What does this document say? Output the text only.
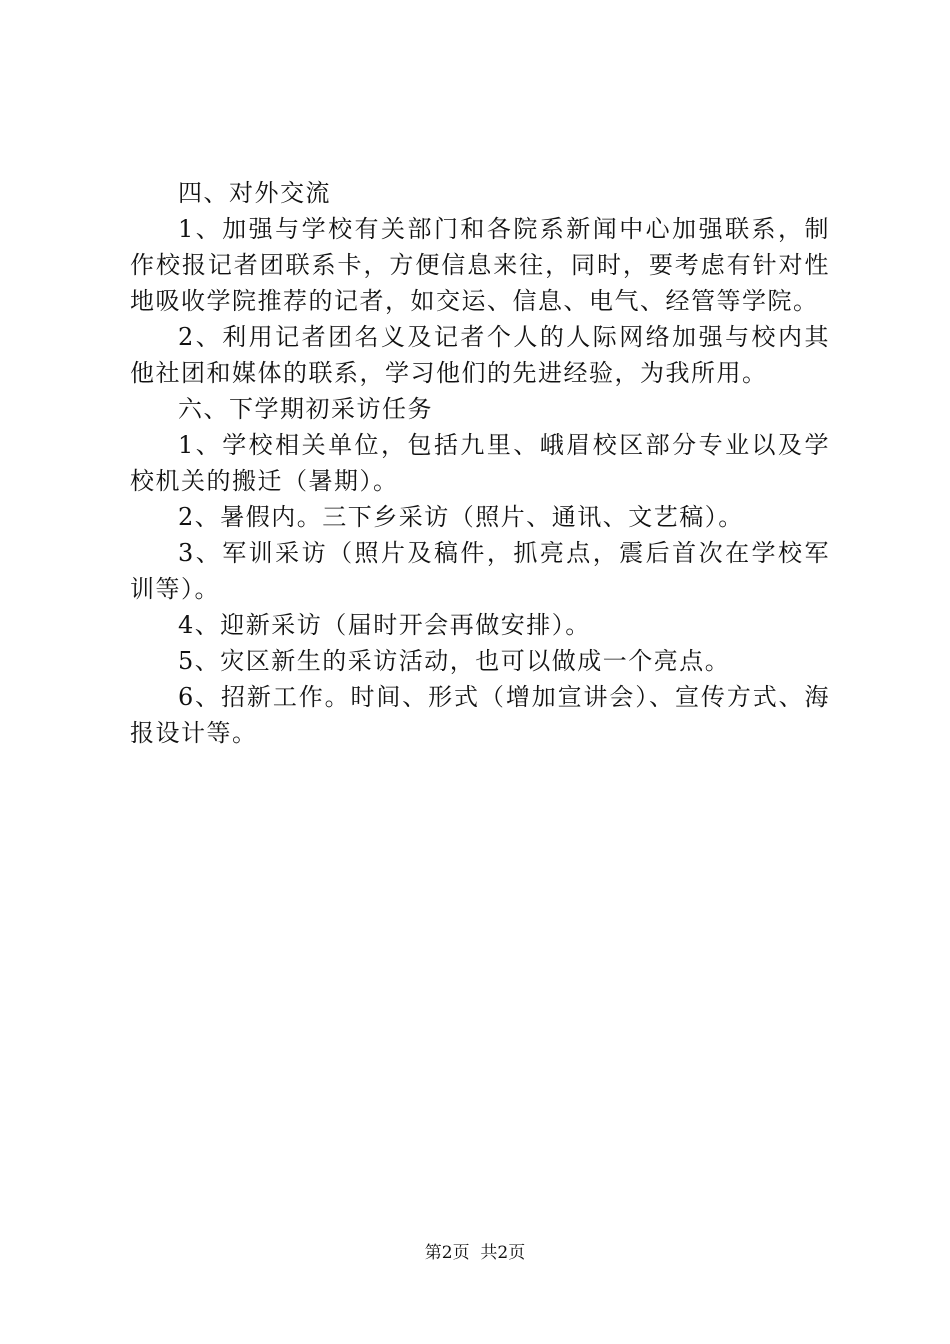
四、对外交流

1、加强与学校有关部门和各院系新闻中心加强联系，制作校报记者团联系卡，方便信息来往，同时，要考虑有针对性地吸收学院推荐的记者，如交运、信息、电气、经管等学院。

2、利用记者团名义及记者个人的人际网络加强与校内其他社团和媒体的联系，学习他们的先进经验，为我所用。

六、下学期初采访任务

1、学校相关单位，包括九里、峨眉校区部分专业以及学校机关的搬迁（暑期）。

2、暑假内。三下乡采访（照片、通讯、文艺稿）。

3、军训采访（照片及稿件，抓亮点，震后首次在学校军训等）。

4、迎新采访（届时开会再做安排）。

5、灾区新生的采访活动，也可以做成一个亮点。

6、招新工作。时间、形式（增加宣讲会）、宣传方式、海报设计等。

第2页  共2页
